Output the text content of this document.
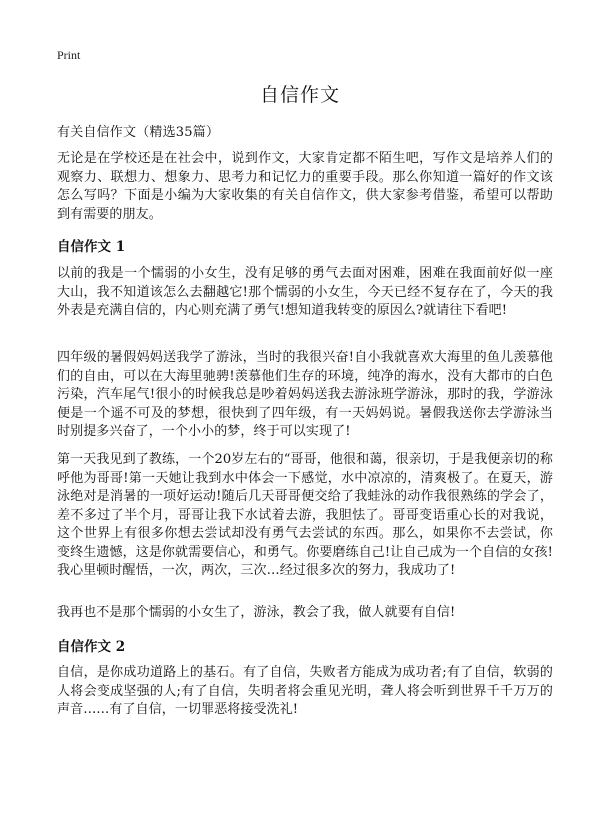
Print
自信作文
有关自信作文（精选35篇）
无论是在学校还是在社会中，说到作文，大家肯定都不陌生吧，写作文是培养人们的观察力、联想力、想象力、思考力和记忆力的重要手段。那么你知道一篇好的作文该怎么写吗？下面是小编为大家收集的有关自信作文，供大家参考借鉴，希望可以帮助到有需要的朋友。
自信作文 1
以前的我是一个懦弱的小女生，没有足够的勇气去面对困难，困难在我面前好似一座大山，我不知道该怎么去翻越它!那个懦弱的小女生，今天已经不复存在了，今天的我外表是充满自信的，内心则充满了勇气!想知道我转变的原因么?就请往下看吧!
四年级的暑假妈妈送我学了游泳，当时的我很兴奋!自小我就喜欢大海里的鱼儿羡慕他们的自由，可以在大海里驰骋!羡慕他们生存的环境，纯净的海水，没有大都市的白色污染，汽车尾气!很小的时候我总是吵着妈妈送我去游泳班学游泳，那时的我，学游泳便是一个遥不可及的梦想，很快到了四年级，有一天妈妈说。暑假我送你去学游泳当时别提多兴奋了，一个小小的梦，终于可以实现了!
第一天我见到了教练，一个20岁左右的“哥哥，他很和蔼，很亲切，于是我便亲切的称呼他为哥哥!第一天她让我到水中体会一下感觉，水中凉凉的，清爽极了。在夏天，游泳绝对是消暑的一项好运动!随后几天哥哥便交给了我蛙泳的动作我很熟练的学会了，差不多过了半个月，哥哥让我下水试着去游，我胆怯了。哥哥变语重心长的对我说，这个世界上有很多你想去尝试却没有勇气去尝试的东西。那么，如果你不去尝试，你变终生遗憾，这是你就需要信心，和勇气。你要磨练自己!让自己成为一个自信的女孩!我心里顿时醒悟，一次，两次，三次…经过很多次的努力，我成功了!
我再也不是那个懦弱的小女生了，游泳，教会了我，做人就要有自信!
自信作文 2
自信，是你成功道路上的基石。有了自信，失败者方能成为成功者;有了自信，软弱的人将会变成坚强的人;有了自信，失明者将会重见光明，聋人将会听到世界千千万万的声音……有了自信，一切罪恶将接受洗礼!
